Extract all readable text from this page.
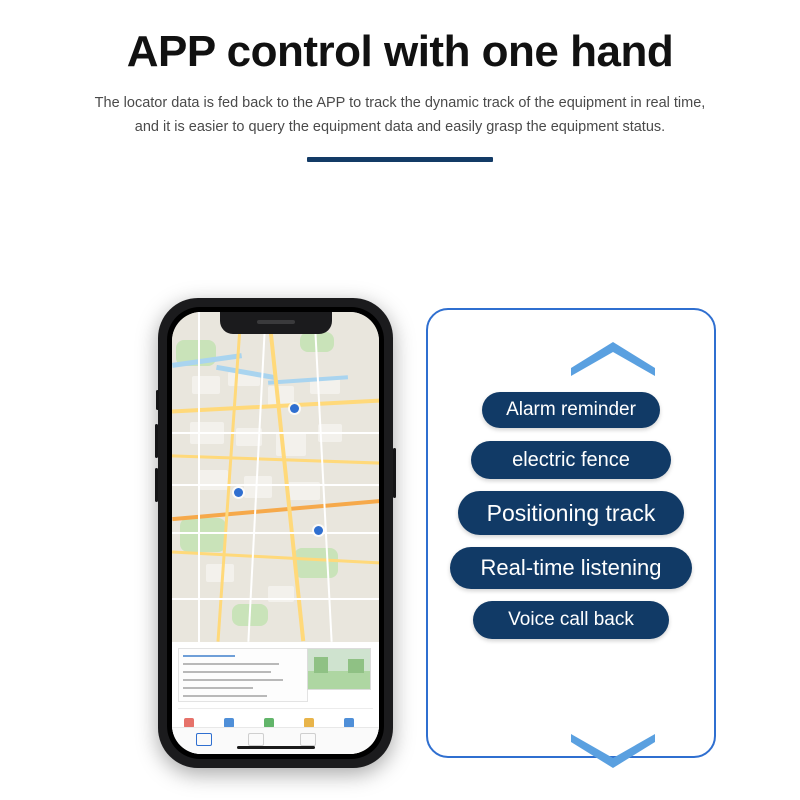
APP control with one hand

The locator data is fed back to the APP to track the dynamic track of the equipment in real time, and it is easier to query the equipment data and easily grasp the equipment status.

Alarm reminder
electric fence
Positioning track
Real-time listening
Voice call back
